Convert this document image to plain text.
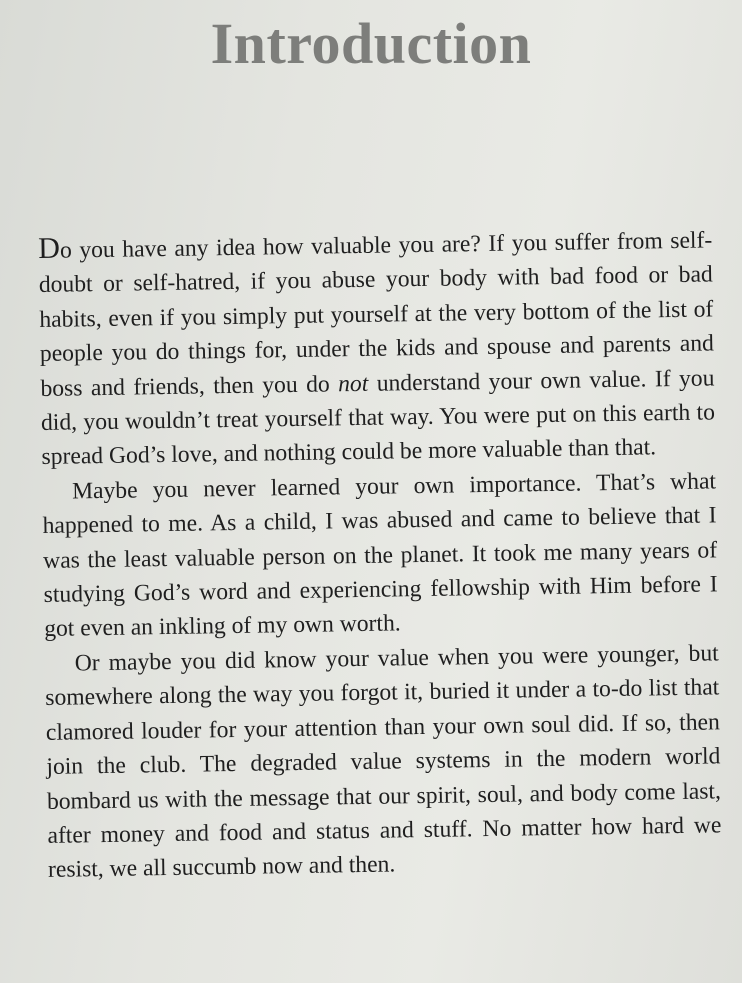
Introduction

Do you have any idea how valuable you are? If you suffer from self-doubt or self-hatred, if you abuse your body with bad food or bad habits, even if you simply put yourself at the very bottom of the list of people you do things for, under the kids and spouse and parents and boss and friends, then you do not understand your own value. If you did, you wouldn’t treat yourself that way. You were put on this earth to spread God’s love, and nothing could be more valuable than that.

Maybe you never learned your own importance. That’s what happened to me. As a child, I was abused and came to believe that I was the least valuable person on the planet. It took me many years of studying God’s word and experiencing fellowship with Him before I got even an inkling of my own worth.

Or maybe you did know your value when you were younger, but somewhere along the way you forgot it, buried it under a to-do list that clamored louder for your attention than your own soul did. If so, then join the club. The degraded value systems in the modern world bombard us with the message that our spirit, soul, and body come last, after money and food and status and stuff. No matter how hard we resist, we all succumb now and then.
